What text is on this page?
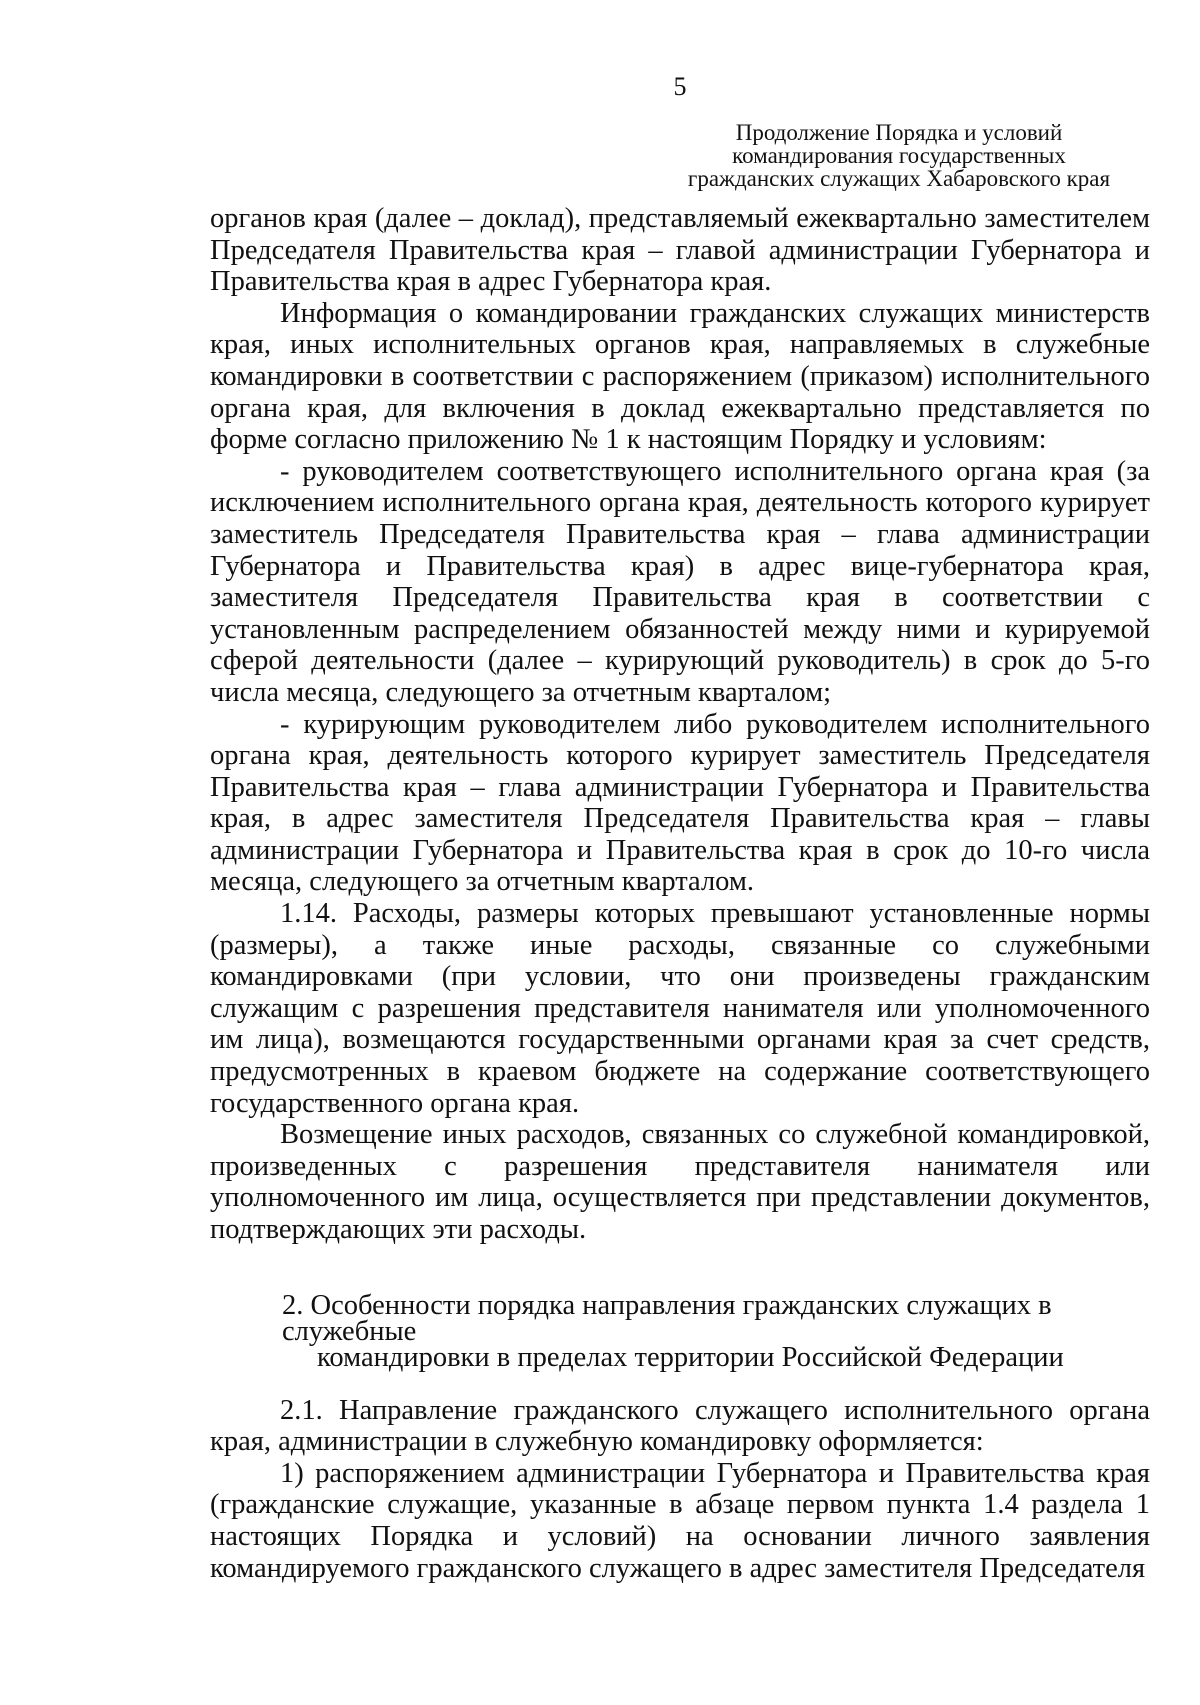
5
Продолжение Порядка и условий
командирования государственных
гражданских служащих Хабаровского края

органов края (далее – доклад), представляемый ежеквартально заместителем Председателя Правительства края – главой администрации Губернатора и Правительства края в адрес Губернатора края.

Информация о командировании гражданских служащих министерств края, иных исполнительных органов края, направляемых в служебные командировки в соответствии с распоряжением (приказом) исполнительного органа края, для включения в доклад ежеквартально представляется по форме согласно приложению № 1 к настоящим Порядку и условиям:

- руководителем соответствующего исполнительного органа края (за исключением исполнительного органа края, деятельность которого курирует заместитель Председателя Правительства края – глава администрации Губернатора и Правительства края) в адрес вице-губернатора края, заместителя Председателя Правительства края в соответствии с установленным распределением обязанностей между ними и курируемой сферой деятельности (далее – курирующий руководитель) в срок до 5-го числа месяца, следующего за отчетным кварталом;

- курирующим руководителем либо руководителем исполнительного органа края, деятельность которого курирует заместитель Председателя Правительства края – глава администрации Губернатора и Правительства края, в адрес заместителя Председателя Правительства края – главы администрации Губернатора и Правительства края в срок до 10-го числа месяца, следующего за отчетным кварталом.

1.14. Расходы, размеры которых превышают установленные нормы (размеры), а также иные расходы, связанные со служебными командировками (при условии, что они произведены гражданским служащим с разрешения представителя нанимателя или уполномоченного им лица), возмещаются государственными органами края за счет средств, предусмотренных в краевом бюджете на содержание соответствующего государственного органа края.

Возмещение иных расходов, связанных со служебной командировкой, произведенных с разрешения представителя нанимателя или уполномоченного им лица, осуществляется при представлении документов, подтверждающих эти расходы.

2. Особенности порядка направления гражданских служащих в служебные
командировки в пределах территории Российской Федерации

2.1. Направление гражданского служащего исполнительного органа края, администрации в служебную командировку оформляется:

1) распоряжением администрации Губернатора и Правительства края (гражданские служащие, указанные в абзаце первом пункта 1.4 раздела 1 настоящих Порядка и условий) на основании личного заявления командируемого гражданского служащего в адрес заместителя Председателя
